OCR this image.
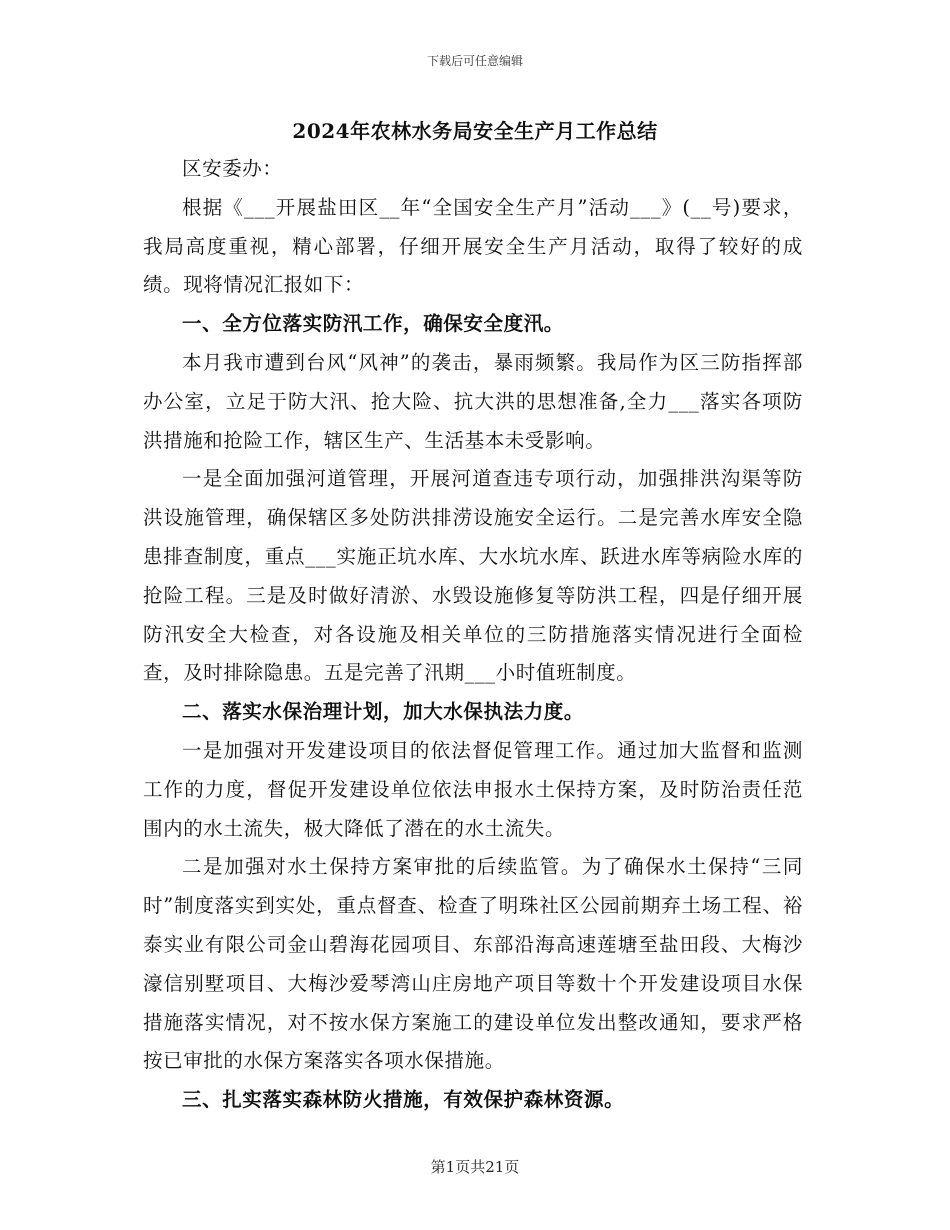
下载后可任意编辑
2024年农林水务局安全生产月工作总结

区安委办：

根据《___开展盐田区__年“全国安全生产月”活动___》(__号)要求，我局高度重视，精心部署，仔细开展安全生产月活动，取得了较好的成绩。现将情况汇报如下：

一、全方位落实防汛工作，确保安全度汛。

本月我市遭到台风“风神”的袭击，暴雨频繁。我局作为区三防指挥部办公室，立足于防大汛、抢大险、抗大洪的思想准备,全力___落实各项防洪措施和抢险工作，辖区生产、生活基本未受影响。

一是全面加强河道管理，开展河道查违专项行动，加强排洪沟渠等防洪设施管理，确保辖区多处防洪排涝设施安全运行。二是完善水库安全隐患排查制度，重点___实施正坑水库、大水坑水库、跃进水库等病险水库的抢险工程。三是及时做好清淤、水毁设施修复等防洪工程，四是仔细开展防汛安全大检查，对各设施及相关单位的三防措施落实情况进行全面检查，及时排除隐患。五是完善了汛期___小时值班制度。

二、落实水保治理计划，加大水保执法力度。

一是加强对开发建设项目的依法督促管理工作。通过加大监督和监测工作的力度，督促开发建设单位依法申报水土保持方案，及时防治责任范围内的水土流失，极大降低了潜在的水土流失。

二是加强对水土保持方案审批的后续监管。为了确保水土保持“三同时”制度落实到实处，重点督查、检查了明珠社区公园前期弃土场工程、裕泰实业有限公司金山碧海花园项目、东部沿海高速莲塘至盐田段、大梅沙濠信别墅项目、大梅沙爱琴湾山庄房地产项目等数十个开发建设项目水保措施落实情况，对不按水保方案施工的建设单位发出整改通知，要求严格按已审批的水保方案落实各项水保措施。

三、扎实落实森林防火措施，有效保护森林资源。

第1页共21页
